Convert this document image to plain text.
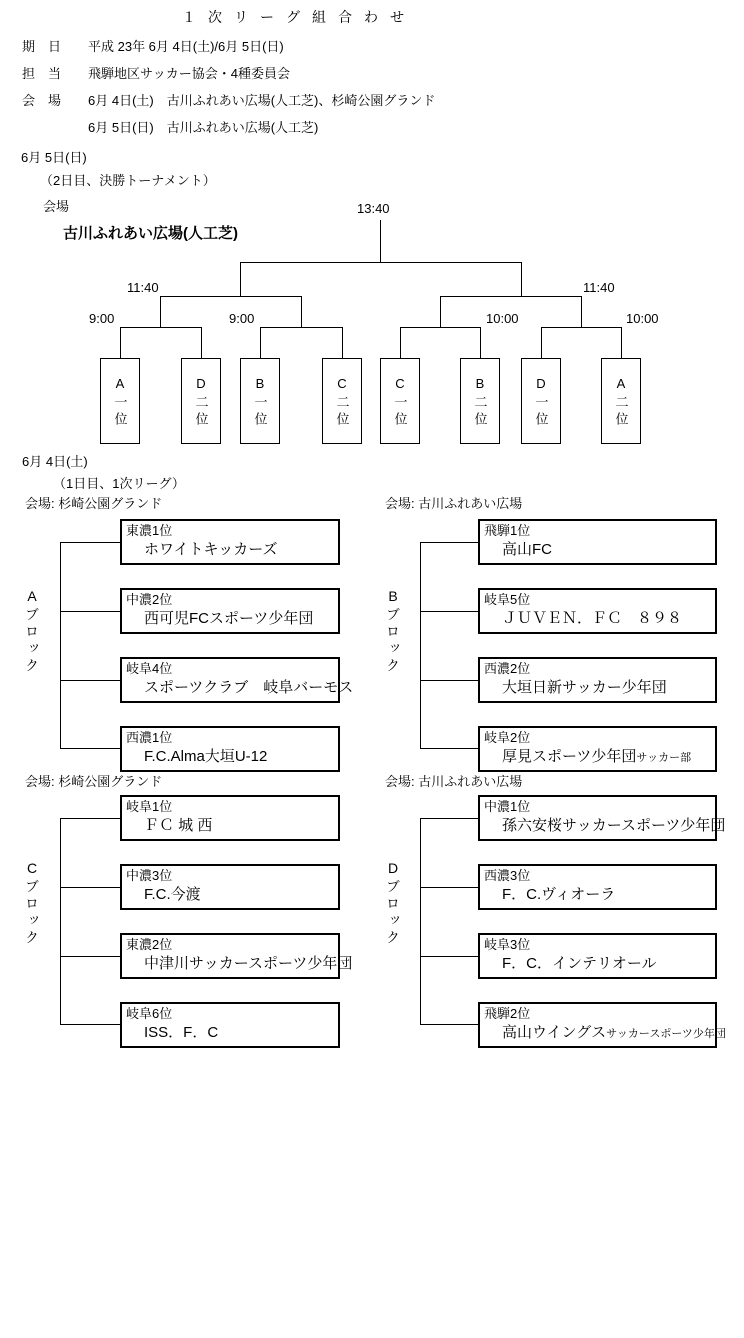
１次リーグ組合わせ
期　日 平成 23年 6月 4日(土)/6月 5日(日)
担　当 飛騨地区サッカー協会・4種委員会
会　場 6月 4日(土)　古川ふれあい広場(人工芝)、杉崎公園グランド
6月 5日(日)　古川ふれあい広場(人工芝)
6月 5日(日)
（2日目、決勝トーナメント）
会場
古川ふれあい広場(人工芝)
13:40
11:40	11:40
9:00	9:00	10:00	10:00
A一位	D二位	B一位	C二位	C一位	B二位	D一位	A二位
6月 4日(土)
（1日目、1次リーグ）
会場: 杉崎公園グランド	会場: 古川ふれあい広場
会場: 杉崎公園グランド	会場: 古川ふれあい広場
Aブロック	Bブロック
Cブロック	Dブロック
東濃1位
ホワイトキッカーズ
中濃2位
西可児FCスポーツ少年団
岐阜4位
スポーツクラブ　岐阜バーモス
西濃1位
F.C.Alma大垣U-12
飛騨1位
高山FC
岐阜5位
ＪＵＶＥＮ．ＦＣ　８９８
西濃2位
大垣日新サッカー少年団
岐阜2位
厚見スポーツ少年団サッカー部
岐阜1位
ＦＣ 城 西
中濃3位
F.C.今渡
東濃2位
中津川サッカースポーツ少年団
岐阜6位
ISS．F．C
中濃1位
孫六安桜サッカースポーツ少年団
西濃3位
F．C.ヴィオーラ
岐阜3位
F．C．インテリオール
飛騨2位
高山ウイングスサッカースポーツ少年団
